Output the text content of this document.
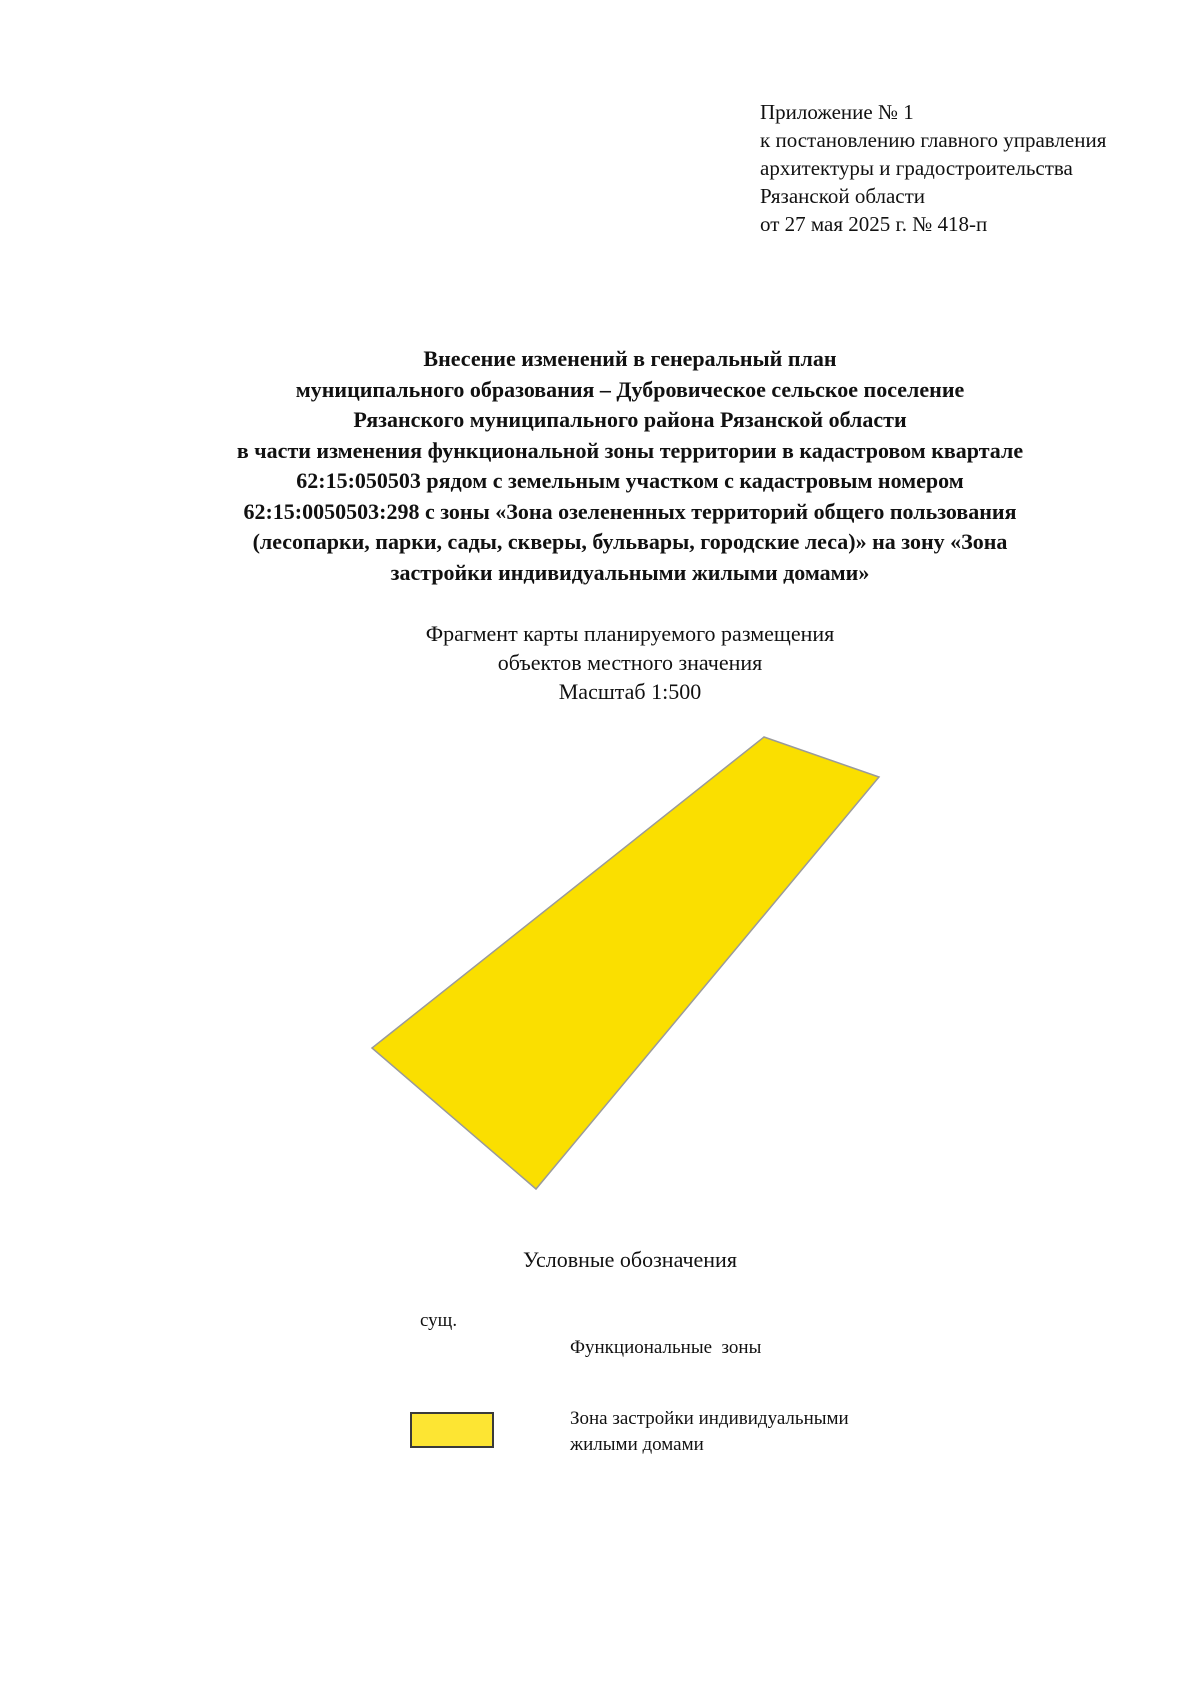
Приложение № 1
к постановлению главного управления
архитектуры и градостроительства
Рязанской области
от 27 мая 2025 г. № 418-п
Внесение изменений в генеральный план
муниципального образования – Дубровическое сельское поселение
Рязанского муниципального района Рязанской области
в части изменения функциональной зоны территории в кадастровом квартале
62:15:050503 рядом с земельным участком с кадастровым номером
62:15:0050503:298 с зоны «Зона озелененных территорий общего пользования
(лесопарки, парки, сады, скверы, бульвары, городские леса)» на зону «Зона
застройки индивидуальными жилыми домами»
Фрагмент карты планируемого размещения
объектов местного значения
Масштаб 1:500
Условные обозначения
сущ.
Функциональные  зоны
Зона застройки индивидуальными
жилыми домами
